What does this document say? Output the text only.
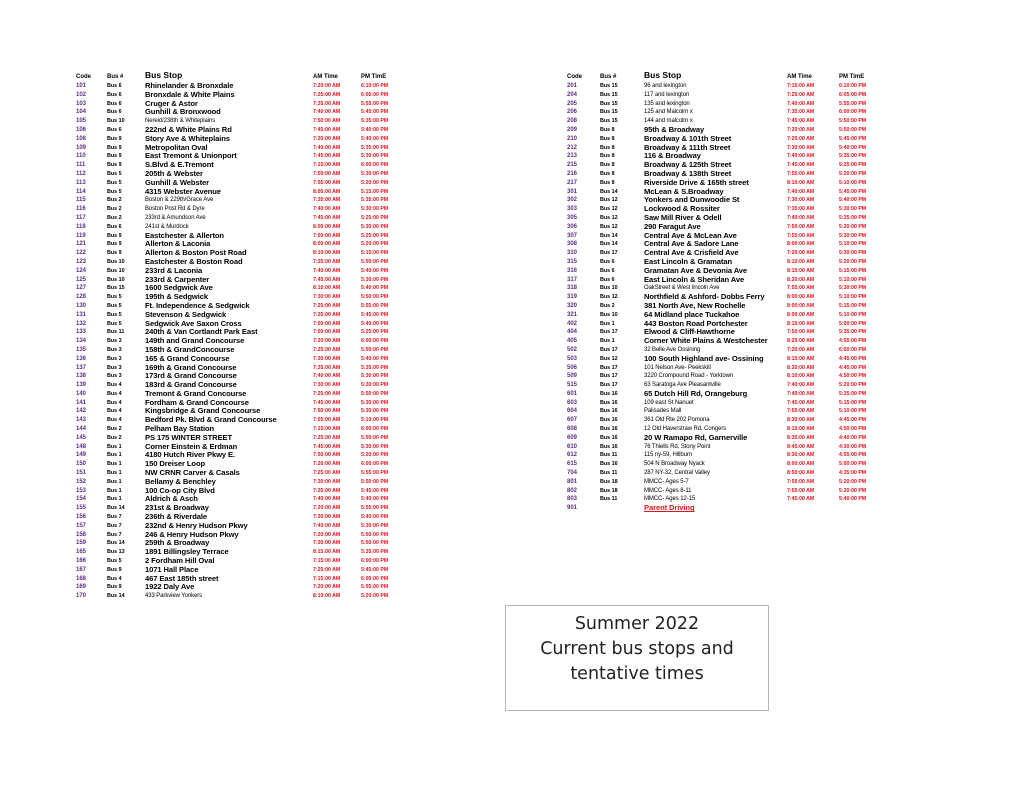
Code	Bus #	Bus Stop	AM Time	PM TimE
101	Bus 6	Rhinelander & Bronxdale	7:20:00 AM	6:10:00 PM
102	Bus 6	Bronxdale & White Plains	7:25:00 AM	6:05:00 PM
103	Bus 6	Cruger & Astor	7:35:00 AM	5:55:00 PM
104	Bus 6	Gunhill & Bronxwood	7:40:00 AM	5:45:00 PM
105	Bus 10	Nereid/238th & Whiteplains	7:50:00 AM	5:35:00 PM
106	Bus 6	222nd & White Plains Rd	7:45:00 AM	5:40:00 PM
108	Bus 9	Story Ave & Whiteplains	7:30:00 AM	5:40:00 PM
109	Bus 9	Metropolitan Oval	7:40:00 AM	5:35:00 PM
110	Bus 9	East Tremont & Unionport	7:45:00 AM	5:30:00 PM
111	Bus 9	S.Blvd & E.Tremont	7:15:00 AM	6:00:00 PM
112	Bus 5	205th & Webster	7:50:00 AM	5:30:00 PM
113	Bus 5	Gunhill & Webster	7:55:00 AM	5:20:00 PM
114	Bus 5	4315 Webster Avenue	8:05:00 AM	5:15:00 PM
115	Bus 2	Boston & 229th/Grace Ave	7:35:00 AM	5:35:00 PM
116	Bus 2	Boston Post Rd & Dyre	7:40:00 AM	5:30:00 PM
117	Bus 2	233rd & Amundson Ave	7:45:00 AM	5:25:00 PM
118	Bus 6	241st & Murdock	8:00:00 AM	5:30:00 PM
119	Bus 9	Eastchester & Allerton	7:50:00 AM	5:25:00 PM
121	Bus 9	Allerton & Laconia	8:00:00 AM	5:20:00 PM
122	Bus 9	Allerton & Boston Post Road	8:10:00 AM	5:15:00 PM
123	Bus 10	Eastchester & Boston Road	7:35:00 AM	5:50:00 PM
124	Bus 10	233rd & Laconia	7:40:00 AM	5:40:00 PM
125	Bus 10	233rd & Carpenter	7:45:00 AM	5:30:00 PM
127	Bus 15	1600 Sedgwick Ave	8:10:00 AM	5:40:00 PM
128	Bus 5	195th & Sedgwick	7:30:00 AM	5:50:00 PM
130	Bus 5	Ft. Independence & Sedgwick	7:25:00 AM	5:55:00 PM
131	Bus 5	Stevenson & Sedgwick	7:35:00 AM	5:45:00 PM
132	Bus 5	Sedgwick Ave Saxon Cross	7:50:00 AM	5:40:00 PM
133	Bus 11	240th & Van Cortlandt Park East	7:50:00 AM	5:25:00 PM
134	Bus 3	149th and Grand Concourse	7:20:00 AM	6:00:00 PM
135	Bus 3	158th & GrandConcourse	7:25:00 AM	5:50:00 PM
136	Bus 3	165 & Grand Concourse	7:30:00 AM	5:40:00 PM
137	Bus 3	169th & Grand Concourse	7:35:00 AM	5:35:00 PM
138	Bus 3	173rd & Grand Concourse	7:40:00 AM	5:30:00 PM
139	Bus 4	183rd & Grand Concourse	7:30:00 AM	5:30:00 PM
140	Bus 4	Tremont & Grand Concourse	7:25:00 AM	5:50:00 PM
141	Bus 4	Fordham & Grand Concourse	7:45:00 AM	5:30:00 PM
142	Bus 4	Kingsbridge & Grand Concourse	7:50:00 AM	5:30:00 PM
143	Bus 4	Bedford Pk. Blvd & Grand Concourse	7:55:00 AM	5:10:00 PM
144	Bus 2	Pelham Bay Station	7:15:00 AM	6:00:00 PM
145	Bus 2	PS 175 WINTER STREET	7:25:00 AM	5:50:00 PM
148	Bus 1	Corner Einstein & Erdman	7:45:00 AM	5:30:00 PM
149	Bus 1	4180 Hutch River Pkwy E.	7:50:00 AM	5:20:00 PM
150	Bus 1	150 Dreiser Loop	7:20:00 AM	6:00:00 PM
151	Bus 1	NW CRNR Carver & Casals	7:25:00 AM	5:55:00 PM
152	Bus 1	Bellamy & Benchley	7:30:00 AM	5:50:00 PM
153	Bus 1	100 Co-op City Blvd	7:35:00 AM	5:45:00 PM
154	Bus 1	Aldrich & Asch	7:40:00 AM	5:40:00 PM
155	Bus 14	231st & Broadway	7:20:00 AM	5:55:00 PM
156	Bus 7	236th & Riverdale	7:30:00 AM	5:40:00 PM
157	Bus 7	232nd & Henry Hudson Pkwy	7:40:00 AM	5:30:00 PM
158	Bus 7	246 & Henry Hudson Pkwy	7:20:00 AM	5:50:00 PM
159	Bus 14	259th & Broadway	7:30:00 AM	5:50:00 PM
165	Bus 13	1891 Billingsley Terrace	8:15:00 AM	5:35:00 PM
166	Bus 5	2 Fordham Hill Oval	7:15:00 AM	6:00:00 PM
167	Bus 9	1071 Hall Place	7:25:00 AM	5:45:00 PM
168	Bus 4	467 East 185th street	7:15:00 AM	6:00:00 PM
169	Bus 9	1922 Daly Ave	7:20:00 AM	5:55:00 PM
170	Bus 14	433 Parkview Yonkers	8:10:00 AM	5:20:00 PM
Code	Bus #	Bus Stop	AM Time	PM TimE
201	Bus 15	96 and lexington	7:15:00 AM	6:10:00 PM
204	Bus 15	117 and lexington	7:25:00 AM	6:05:00 PM
205	Bus 15	135 and lexington	7:40:00 AM	5:55:00 PM
206	Bus 15	125 and Malcolm x	7:35:00 AM	6:00:00 PM
208	Bus 15	144 and malcolm x	7:45:00 AM	5:50:00 PM
209	Bus 8	95th & Broadway	7:20:00 AM	5:50:00 PM
210	Bus 8	Broadway & 101th Street	7:25:00 AM	5:45:00 PM
212	Bus 8	Broadway & 111th Street	7:30:00 AM	5:40:00 PM
213	Bus 8	116 & Broadway	7:40:00 AM	5:35:00 PM
215	Bus 8	Broadway & 125th Street	7:45:00 AM	5:25:00 PM
216	Bus 8	Broadway & 138th Street	7:55:00 AM	5:20:00 PM
217	Bus 8	Riverside Drive & 165th street	8:10:00 AM	5:10:00 PM
301	Bus 14	McLean & S.Broadway	7:40:00 AM	5:45:00 PM
302	Bus 12	Yonkers and Dunwoodie St	7:30:00 AM	5:40:00 PM
303	Bus 12	Lockwood & Rossiter	7:35:00 AM	5:30:00 PM
305	Bus 12	Saw Mill River & Odell	7:40:00 AM	5:25:00 PM
306	Bus 12	290 Faragut Ave	7:50:00 AM	5:20:00 PM
307	Bus 14	Central Ave & McLean Ave	7:55:00 AM	5:30:00 PM
308	Bus 14	Central Ave & Sadore Lane	8:00:00 AM	5:10:00 PM
310	Bus 17	Central Ave & Crisfield Ave	7:20:00 AM	5:30:00 PM
315	Bus 6	East Lincoln & Gramatan	8:10:00 AM	5:20:00 PM
316	Bus 6	Gramatan Ave & Devonia Ave	8:15:00 AM	5:15:00 PM
317	Bus 6	East Lincoln & Sheridan Ave	8:20:00 AM	5:10:00 PM
318	Bus 10	OakStreet & West lincoln Ave	7:55:00 AM	5:30:00 PM
319	Bus 12	Northfield & Ashford- Dobbs Ferry	8:00:00 AM	5:10:00 PM
320	Bus 2	381 North Ave, New Rochelle	8:00:00 AM	5:15:00 PM
321	Bus 10	64 Midland place Tuckahoe	8:00:00 AM	5:10:00 PM
402	Bus 1	443 Boston Road Portchester	8:15:00 AM	5:00:00 PM
404	Bus 17	Elwood & Cliff-Hawthorne	7:50:00 AM	5:35:00 PM
405	Bus 1	Corner White Plains & Westchester	8:25:00 AM	4:55:00 PM
502	Bus 17	32 Belle Ave Ossining	7:20:00 AM	6:00:00 PM
503	Bus 12	100 South Highland ave- Ossining	8:15:00 AM	4:45:00 PM
506	Bus 17	101 Nelson Ave- Peekskill	8:20:00 AM	4:45:00 PM
509	Bus 17	3220 Crompound Road - Yorktown	8:10:00 AM	4:50:00 PM
515	Bus 17	63 Saratoga Ave Pleasantville	7:40:00 AM	5:20:00 PM
601	Bus 16	65 Dutch Hill Rd, Orangeburg	7:40:00 AM	5:25:00 PM
603	Bus 16	109 east St Nanuet	7:45:00 AM	5:15:00 PM
604	Bus 16	Palisades Mall	7:55:00 AM	5:10:00 PM
607	Bus 16	361 Old Rte 202 Pomona	8:30:00 AM	4:45:00 PM
608	Bus 16	12 Old Haverstraw Rd, Congers	8:15:00 AM	4:50:00 PM
609	Bus 16	20 W Ramapo Rd, Garnerville	8:35:00 AM	4:40:00 PM
610	Bus 16	76 Thiells Rd, Stony Point	8:45:00 AM	4:30:00 PM
612	Bus 11	115 ny-59, Hillburn	8:30:00 AM	4:55:00 PM
615	Bus 16	504 N Broadway Nyack	8:00:00 AM	5:00:00 PM
704	Bus 11	287 NY-32, Central Valley	8:50:00 AM	4:35:00 PM
801	Bus 18	MMCC- Ages 5-7	7:55:00 AM	5:20:00 PM
802	Bus 18	MMCC- Ages 8-11	7:55:00 AM	5:20:00 PM
803	Bus 11	MMCC- Ages 12-15	7:45:00 AM	5:40:00 PM
901	Parent Driving
Summer 2022
Current bus stops and
tentative times
